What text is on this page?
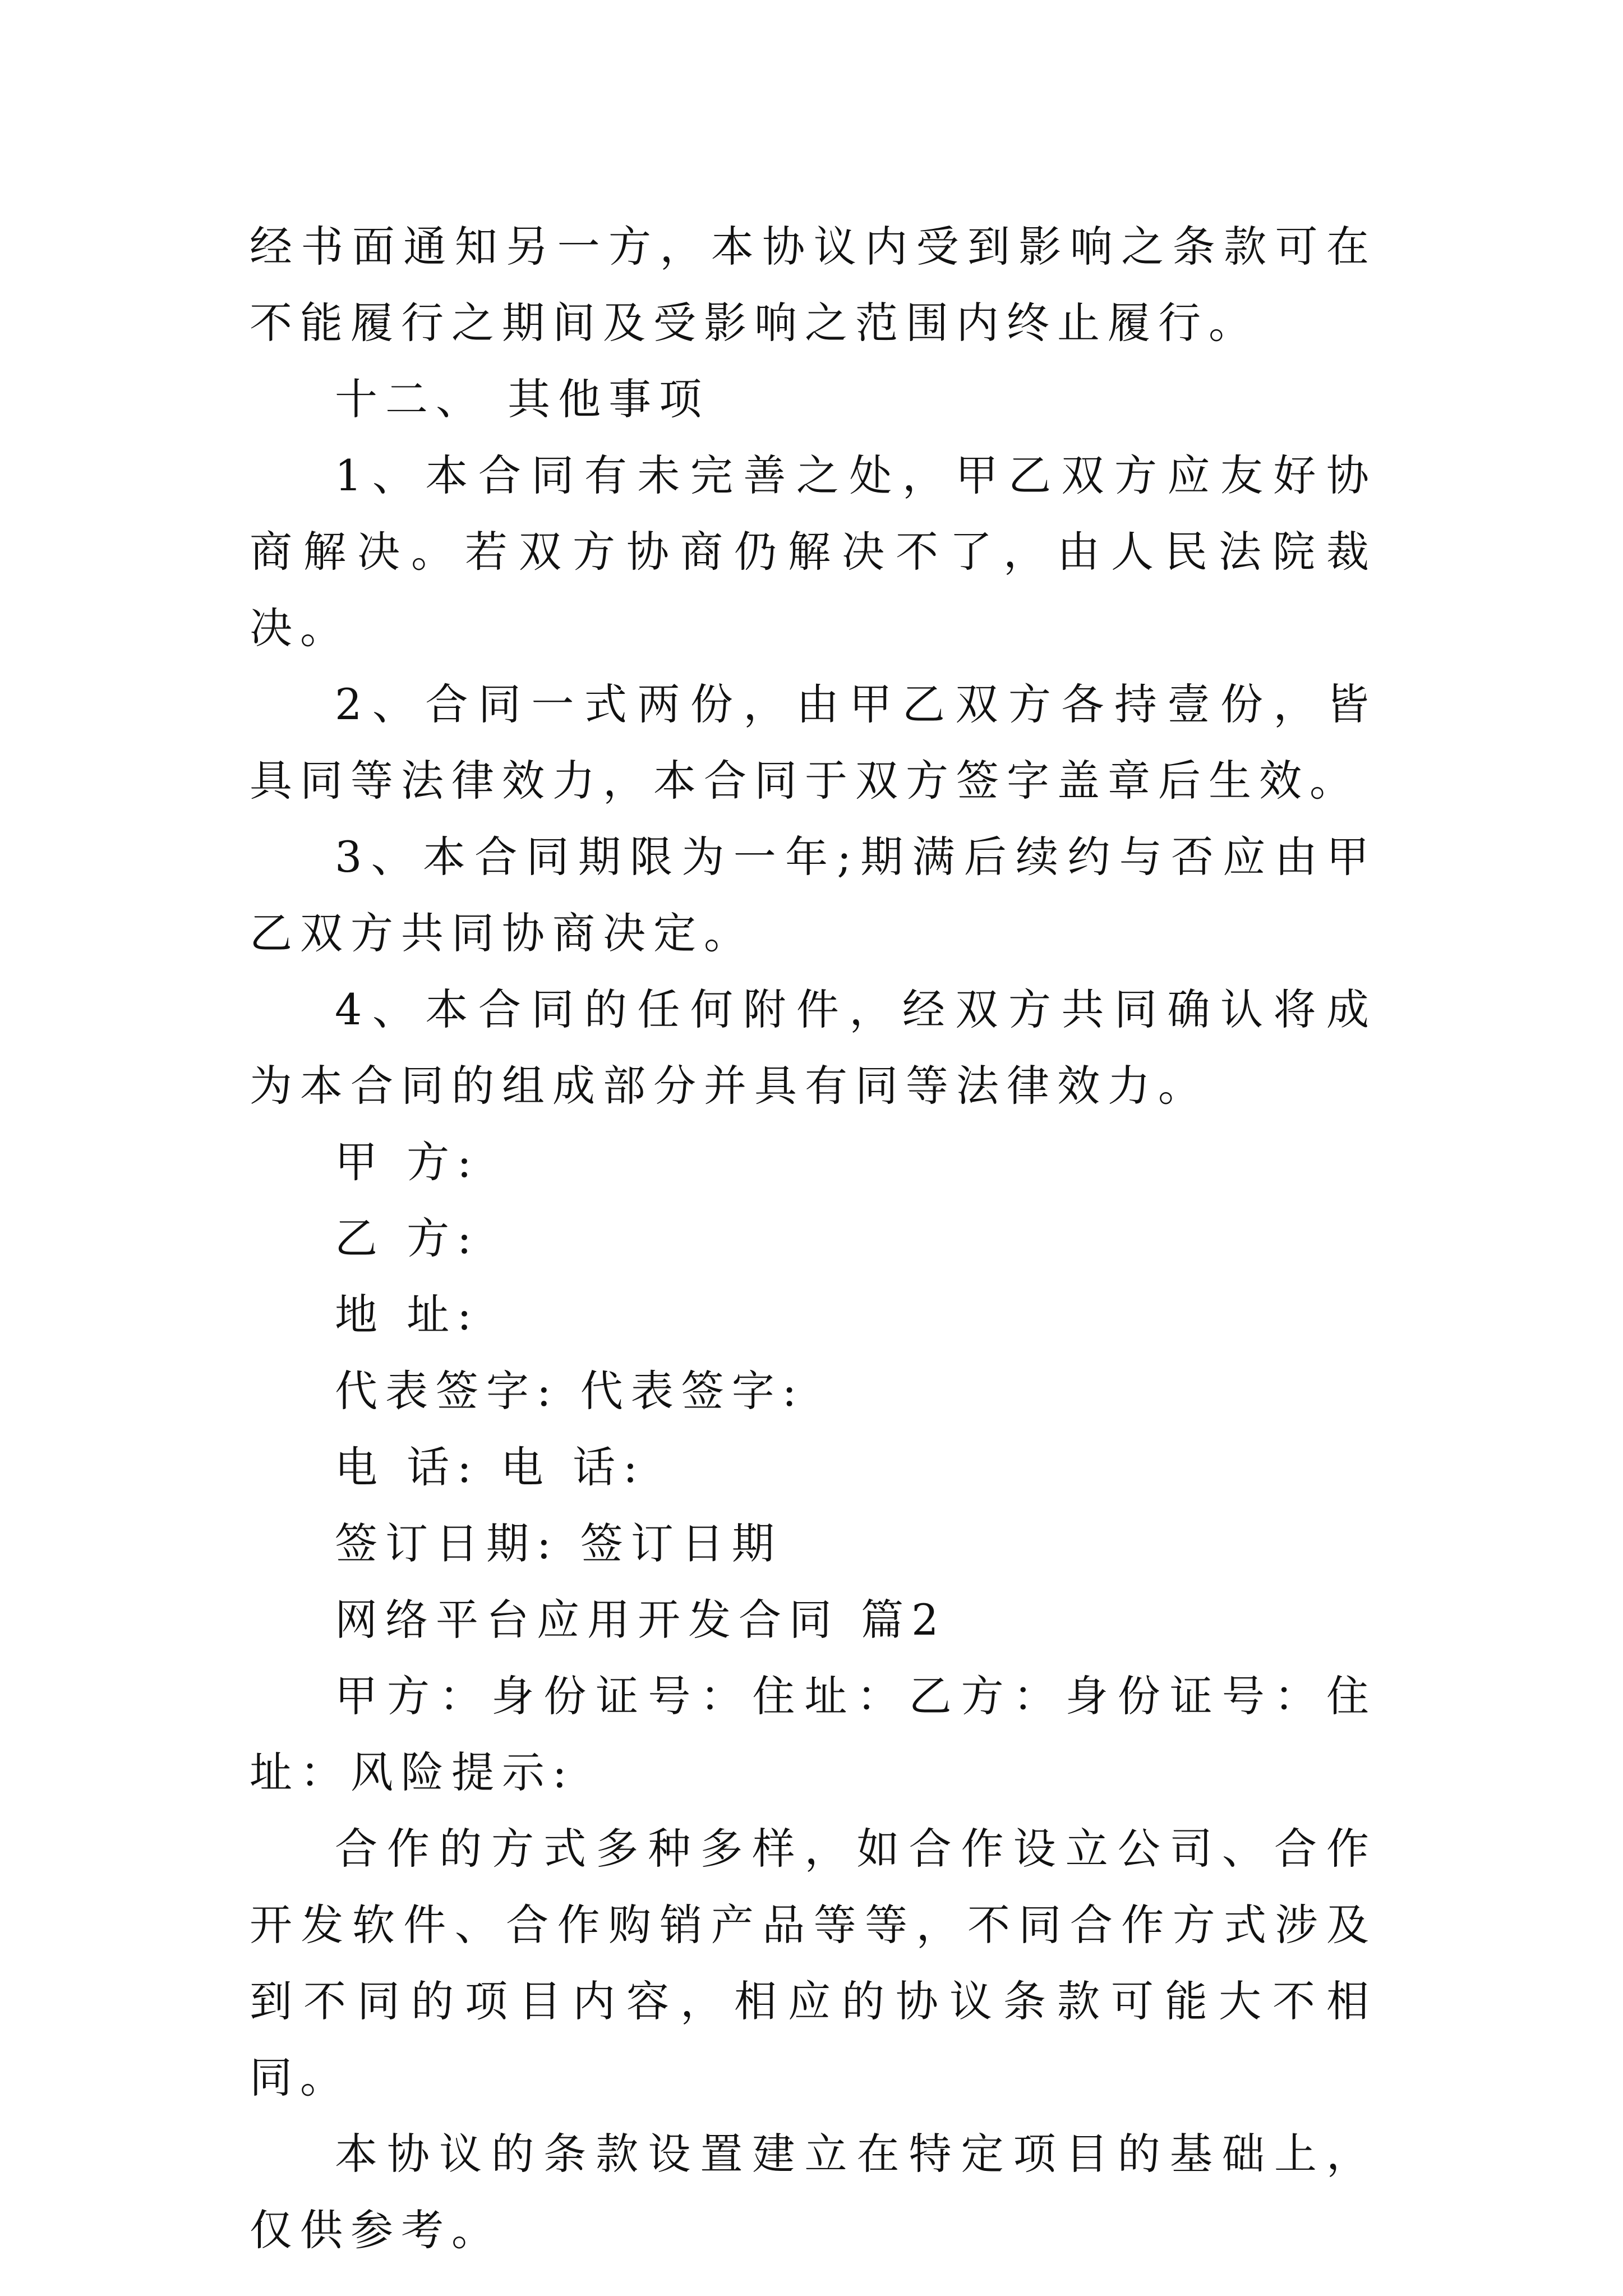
经书面通知另一方，本协议内受到影响之条款可在不能履行之期间及受影响之范围内终止履行。

十二、 其他事项

1、本合同有未完善之处，甲乙双方应友好协商解决。若双方协商仍解决不了，由人民法院裁决。

2、合同一式两份，由甲乙双方各持壹份，皆具同等法律效力，本合同于双方签字盖章后生效。

3、本合同期限为一年;期满后续约与否应由甲乙双方共同协商决定。

4、本合同的任何附件，经双方共同确认将成为本合同的组成部分并具有同等法律效力。

甲 方:

乙 方:

地 址:

代表签字: 代表签字:

电 话: 电 话:

签订日期: 签订日期

网络平台应用开发合同 篇2

甲方：身份证号：住址：乙方：身份证号：住址：风险提示:

合作的方式多种多样，如合作设立公司、合作开发软件、合作购销产品等等，不同合作方式涉及到不同的项目内容，相应的协议条款可能大不相同。

本协议的条款设置建立在特定项目的基础上，仅供参考。
